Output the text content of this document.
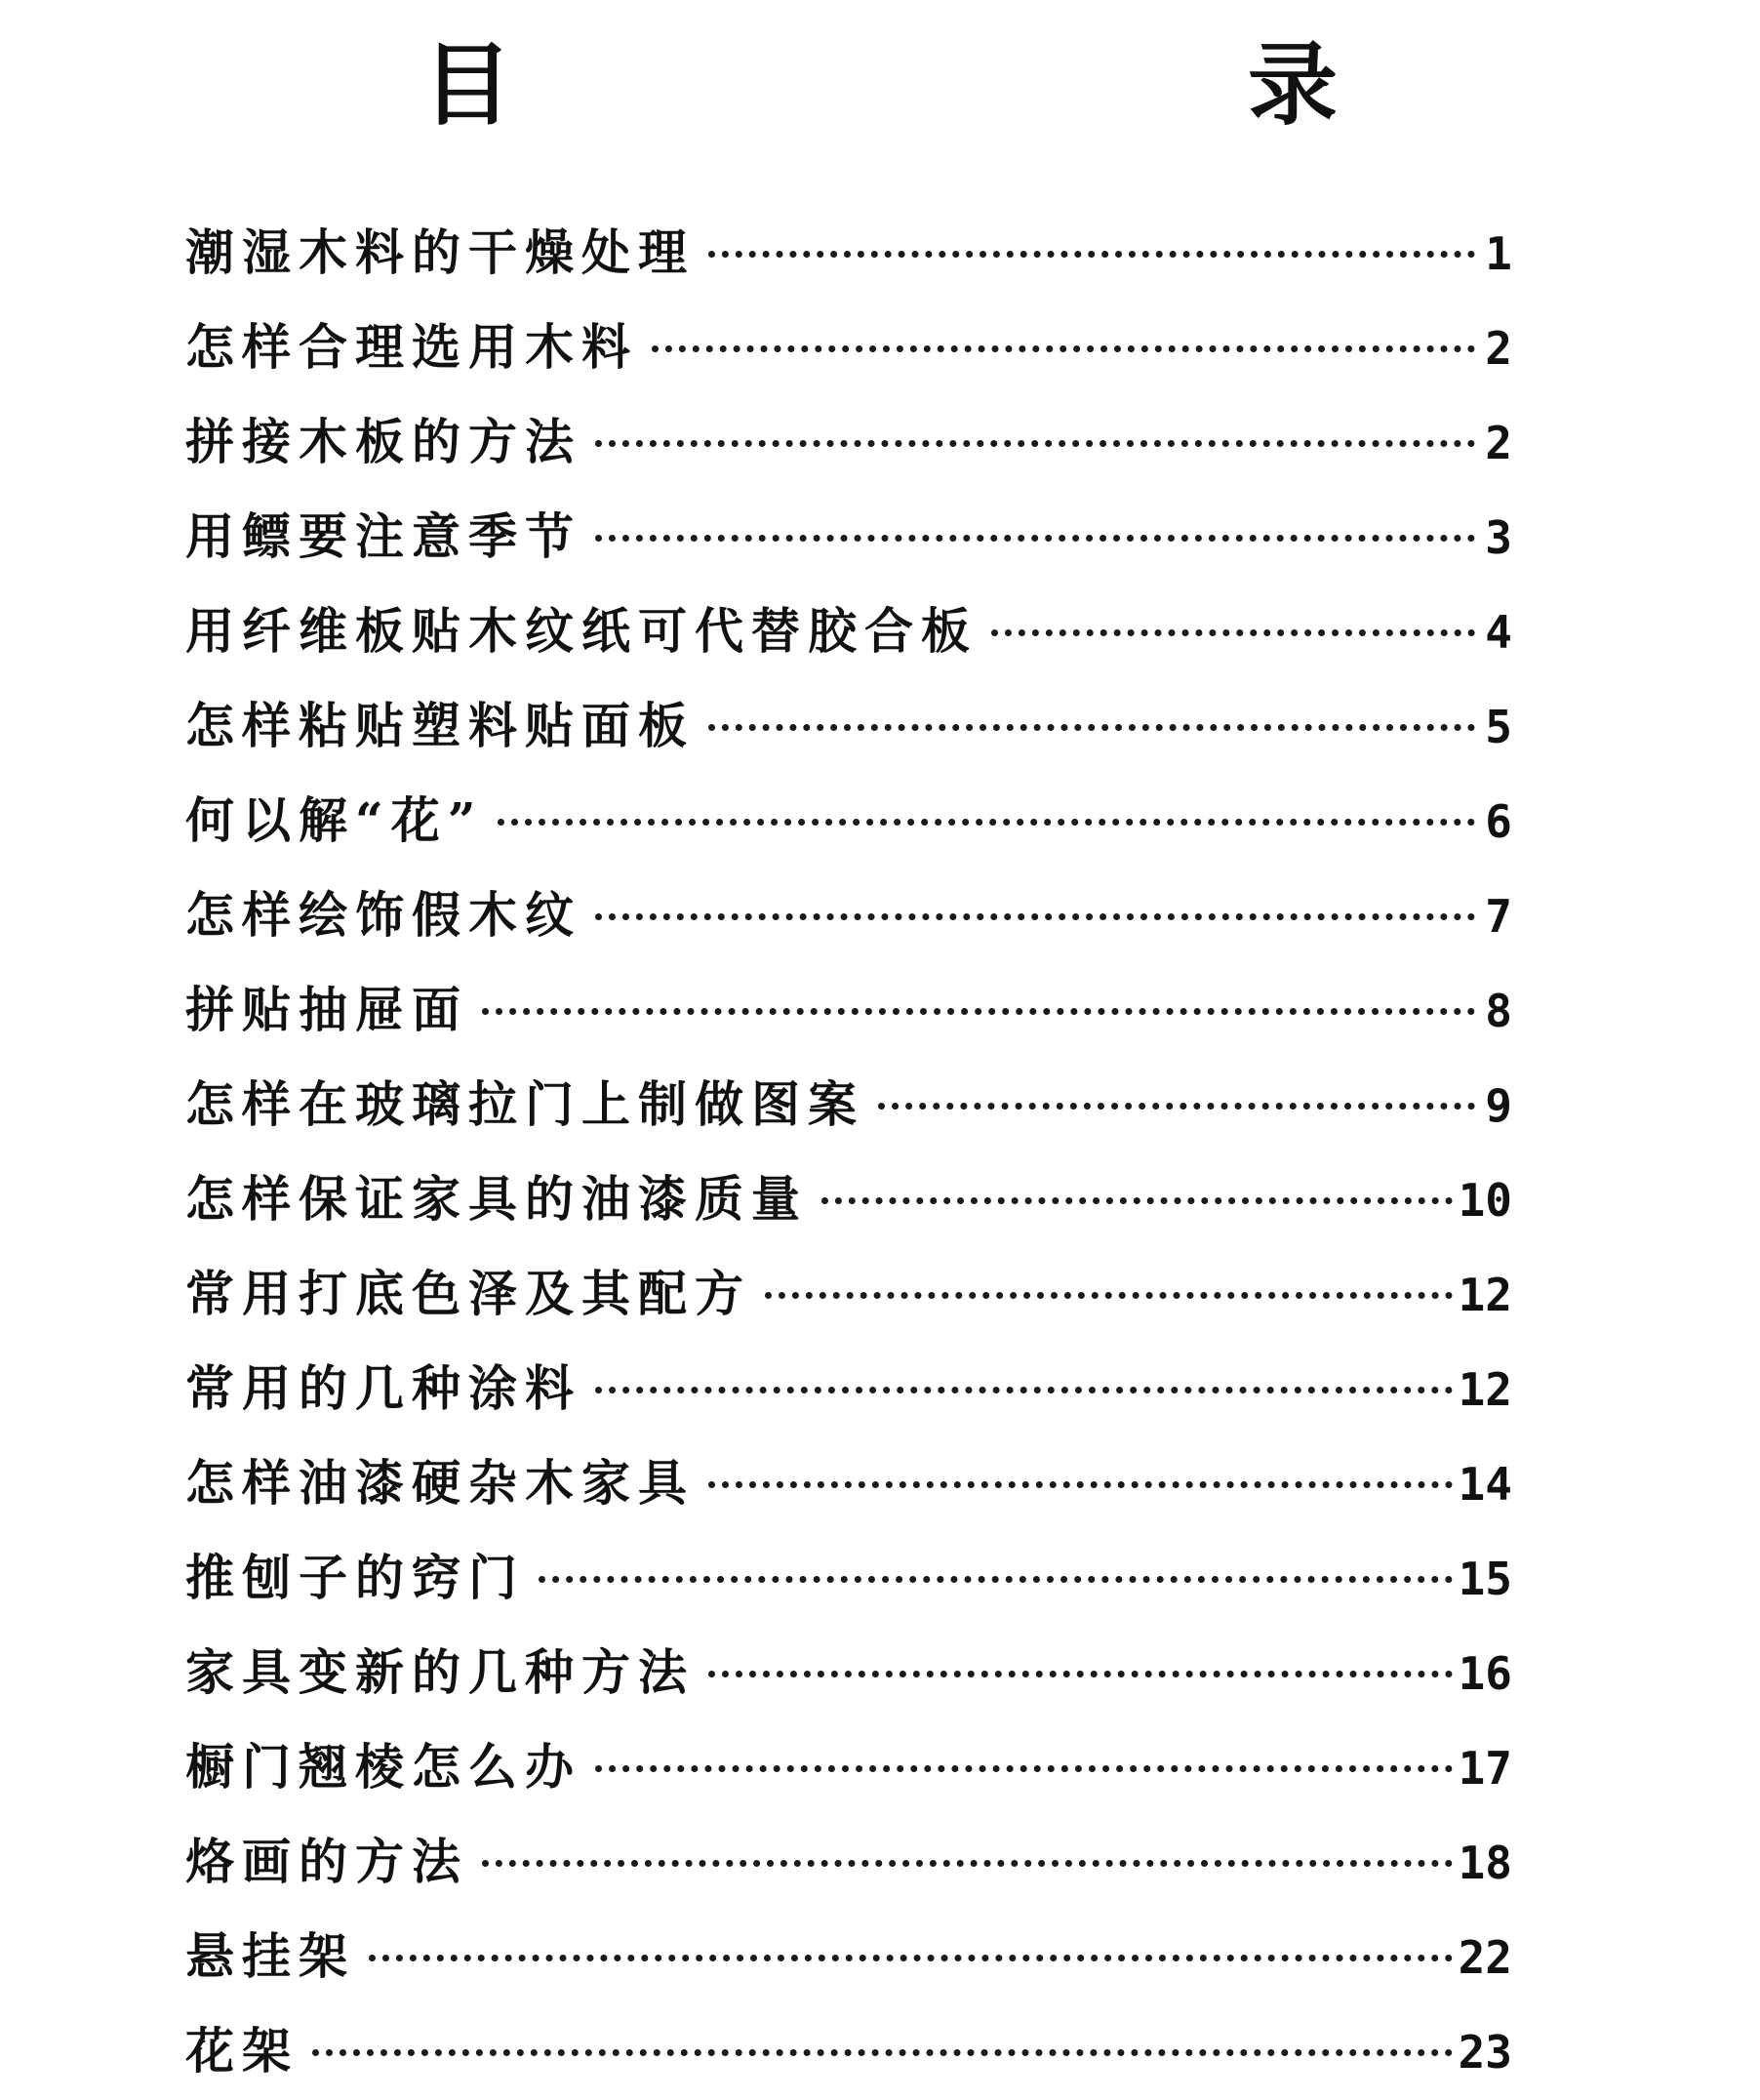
目　　录
潮湿木料的干燥处理	1
怎样合理选用木料	2
拼接木板的方法	2
用鳔要注意季节	3
用纤维板贴木纹纸可代替胶合板	4
怎样粘贴塑料贴面板	5
何以解“花”	6
怎样绘饰假木纹	7
拼贴抽屉面	8
怎样在玻璃拉门上制做图案	9
怎样保证家具的油漆质量	10
常用打底色泽及其配方	12
常用的几种涂料	12
怎样油漆硬杂木家具	14
推刨子的窍门	15
家具变新的几种方法	16
橱门翘棱怎么办	17
烙画的方法	18
悬挂架	22
花架	23
